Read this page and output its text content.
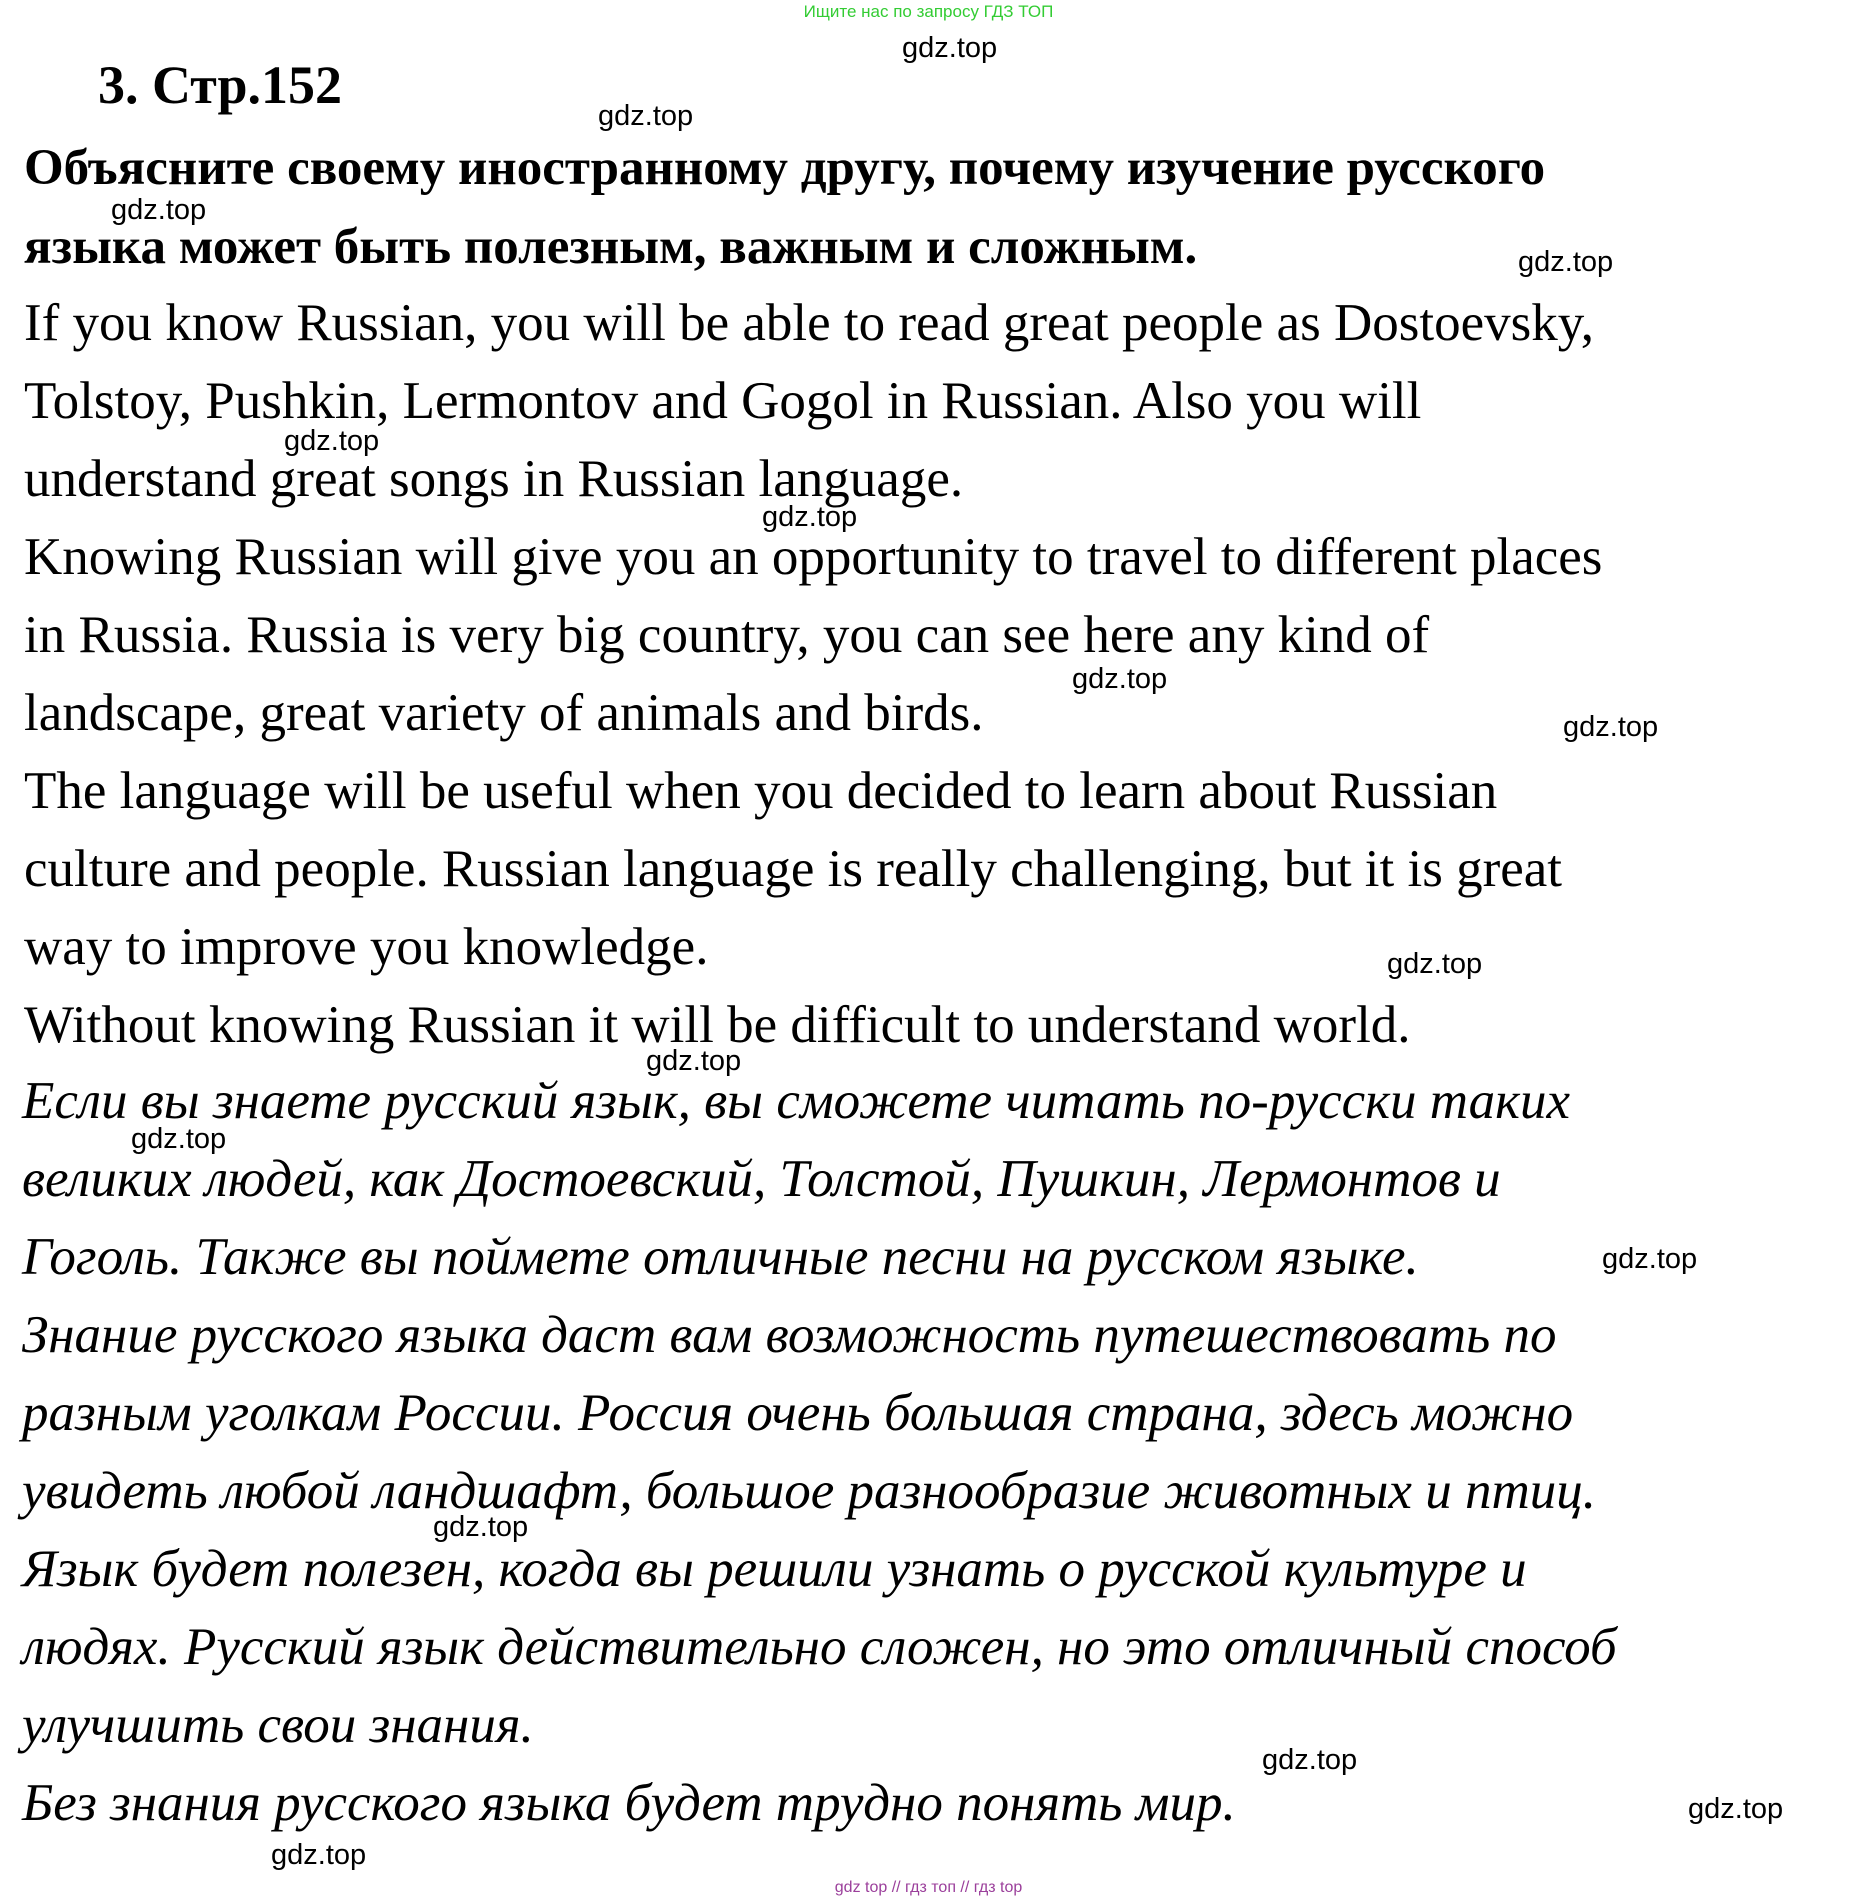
Ищите нас по запросу ГДЗ ТОП
3. Стр.152
Объясните своему иностранному другу, почему изучение русского
языка может быть полезным, важным и сложным.
If you know Russian, you will be able to read great people as Dostoevsky,
Tolstoy, Pushkin, Lermontov and Gogol in Russian. Also you will
understand great songs in Russian language.
Knowing Russian will give you an opportunity to travel to different places
in Russia. Russia is very big country, you can see here any kind of
landscape, great variety of animals and birds.
The language will be useful when you decided to learn about Russian
culture and people. Russian language is really challenging, but it is great
way to improve you knowledge.
Without knowing Russian it will be difficult to understand world.
Если вы знаете русский язык, вы сможете читать по-русски таких
великих людей, как Достоевский, Толстой, Пушкин, Лермонтов и
Гоголь. Также вы поймете отличные песни на русском языке.
Знание русского языка даст вам возможность путешествовать по
разным уголкам России. Россия очень большая страна, здесь можно
увидеть любой ландшафт, большое разнообразие животных и птиц.
Язык будет полезен, когда вы решили узнать о русской культуре и
людях. Русский язык действительно сложен, но это отличный способ
улучшить свои знания.
Без знания русского языка будет трудно понять мир.
gdz.top
gdz.top
gdz.top
gdz.top
gdz.top
gdz.top
gdz.top
gdz.top
gdz.top
gdz.top
gdz.top
gdz.top
gdz.top
gdz.top
gdz.top
gdz.top
gdz top // гдз топ // гдз top
